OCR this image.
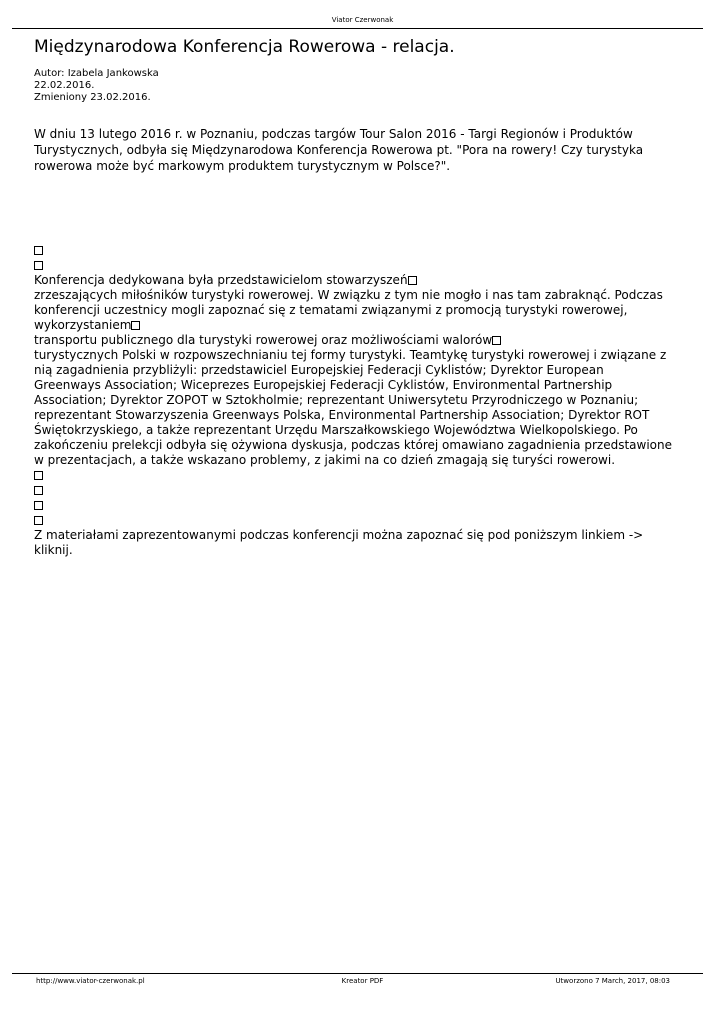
Viator Czerwonak
Międzynarodowa Konferencja Rowerowa - relacja.
Autor: Izabela Jankowska
22.02.2016.
Zmieniony 23.02.2016.
W dniu 13 lutego 2016 r. w Poznaniu, podczas targów Tour Salon 2016 - Targi Regionów i Produktów
Turystycznych, odbyła się Międzynarodowa Konferencja Rowerowa pt. "Pora na rowery! Czy turystyka
rowerowa może być markowym produktem turystycznym w Polsce?".
Konferencja dedykowana była przedstawicielom stowarzyszeń
zrzeszających miłośników turystyki rowerowej. W związku z tym nie mogło i nas tam zabraknąć. Podczas
konferencji uczestnicy mogli zapoznać się z tematami związanymi z promocją turystyki rowerowej,
wykorzystaniem
transportu publicznego dla turystyki rowerowej oraz możliwościami walorów
turystycznych Polski w rozpowszechnianiu tej formy turystyki. Teamtykę turystyki rowerowej i związane z
nią zagadnienia przybliżyli: przedstawiciel Europejskiej Federacji Cyklistów; Dyrektor European
Greenways Association; Wiceprezes Europejskiej Federacji Cyklistów, Environmental Partnership
Association; Dyrektor ZOPOT w Sztokholmie; reprezentant Uniwersytetu Przyrodniczego w Poznaniu;
reprezentant Stowarzyszenia Greenways Polska, Environmental Partnership Association; Dyrektor ROT
Świętokrzyskiego, a także reprezentant Urzędu Marszałkowskiego Województwa Wielkopolskiego. Po
zakończeniu prelekcji odbyła się ożywiona dyskusja, podczas której omawiano zagadnienia przedstawione
w prezentacjach, a także wskazano problemy, z jakimi na co dzień zmagają się turyści rowerowi.
Z materiałami zaprezentowanymi podczas konferencji można zapoznać się pod poniższym linkiem ->
kliknij.
http://www.viator-czerwonak.pl	Kreator PDF	Utworzono 7 March, 2017, 08:03
